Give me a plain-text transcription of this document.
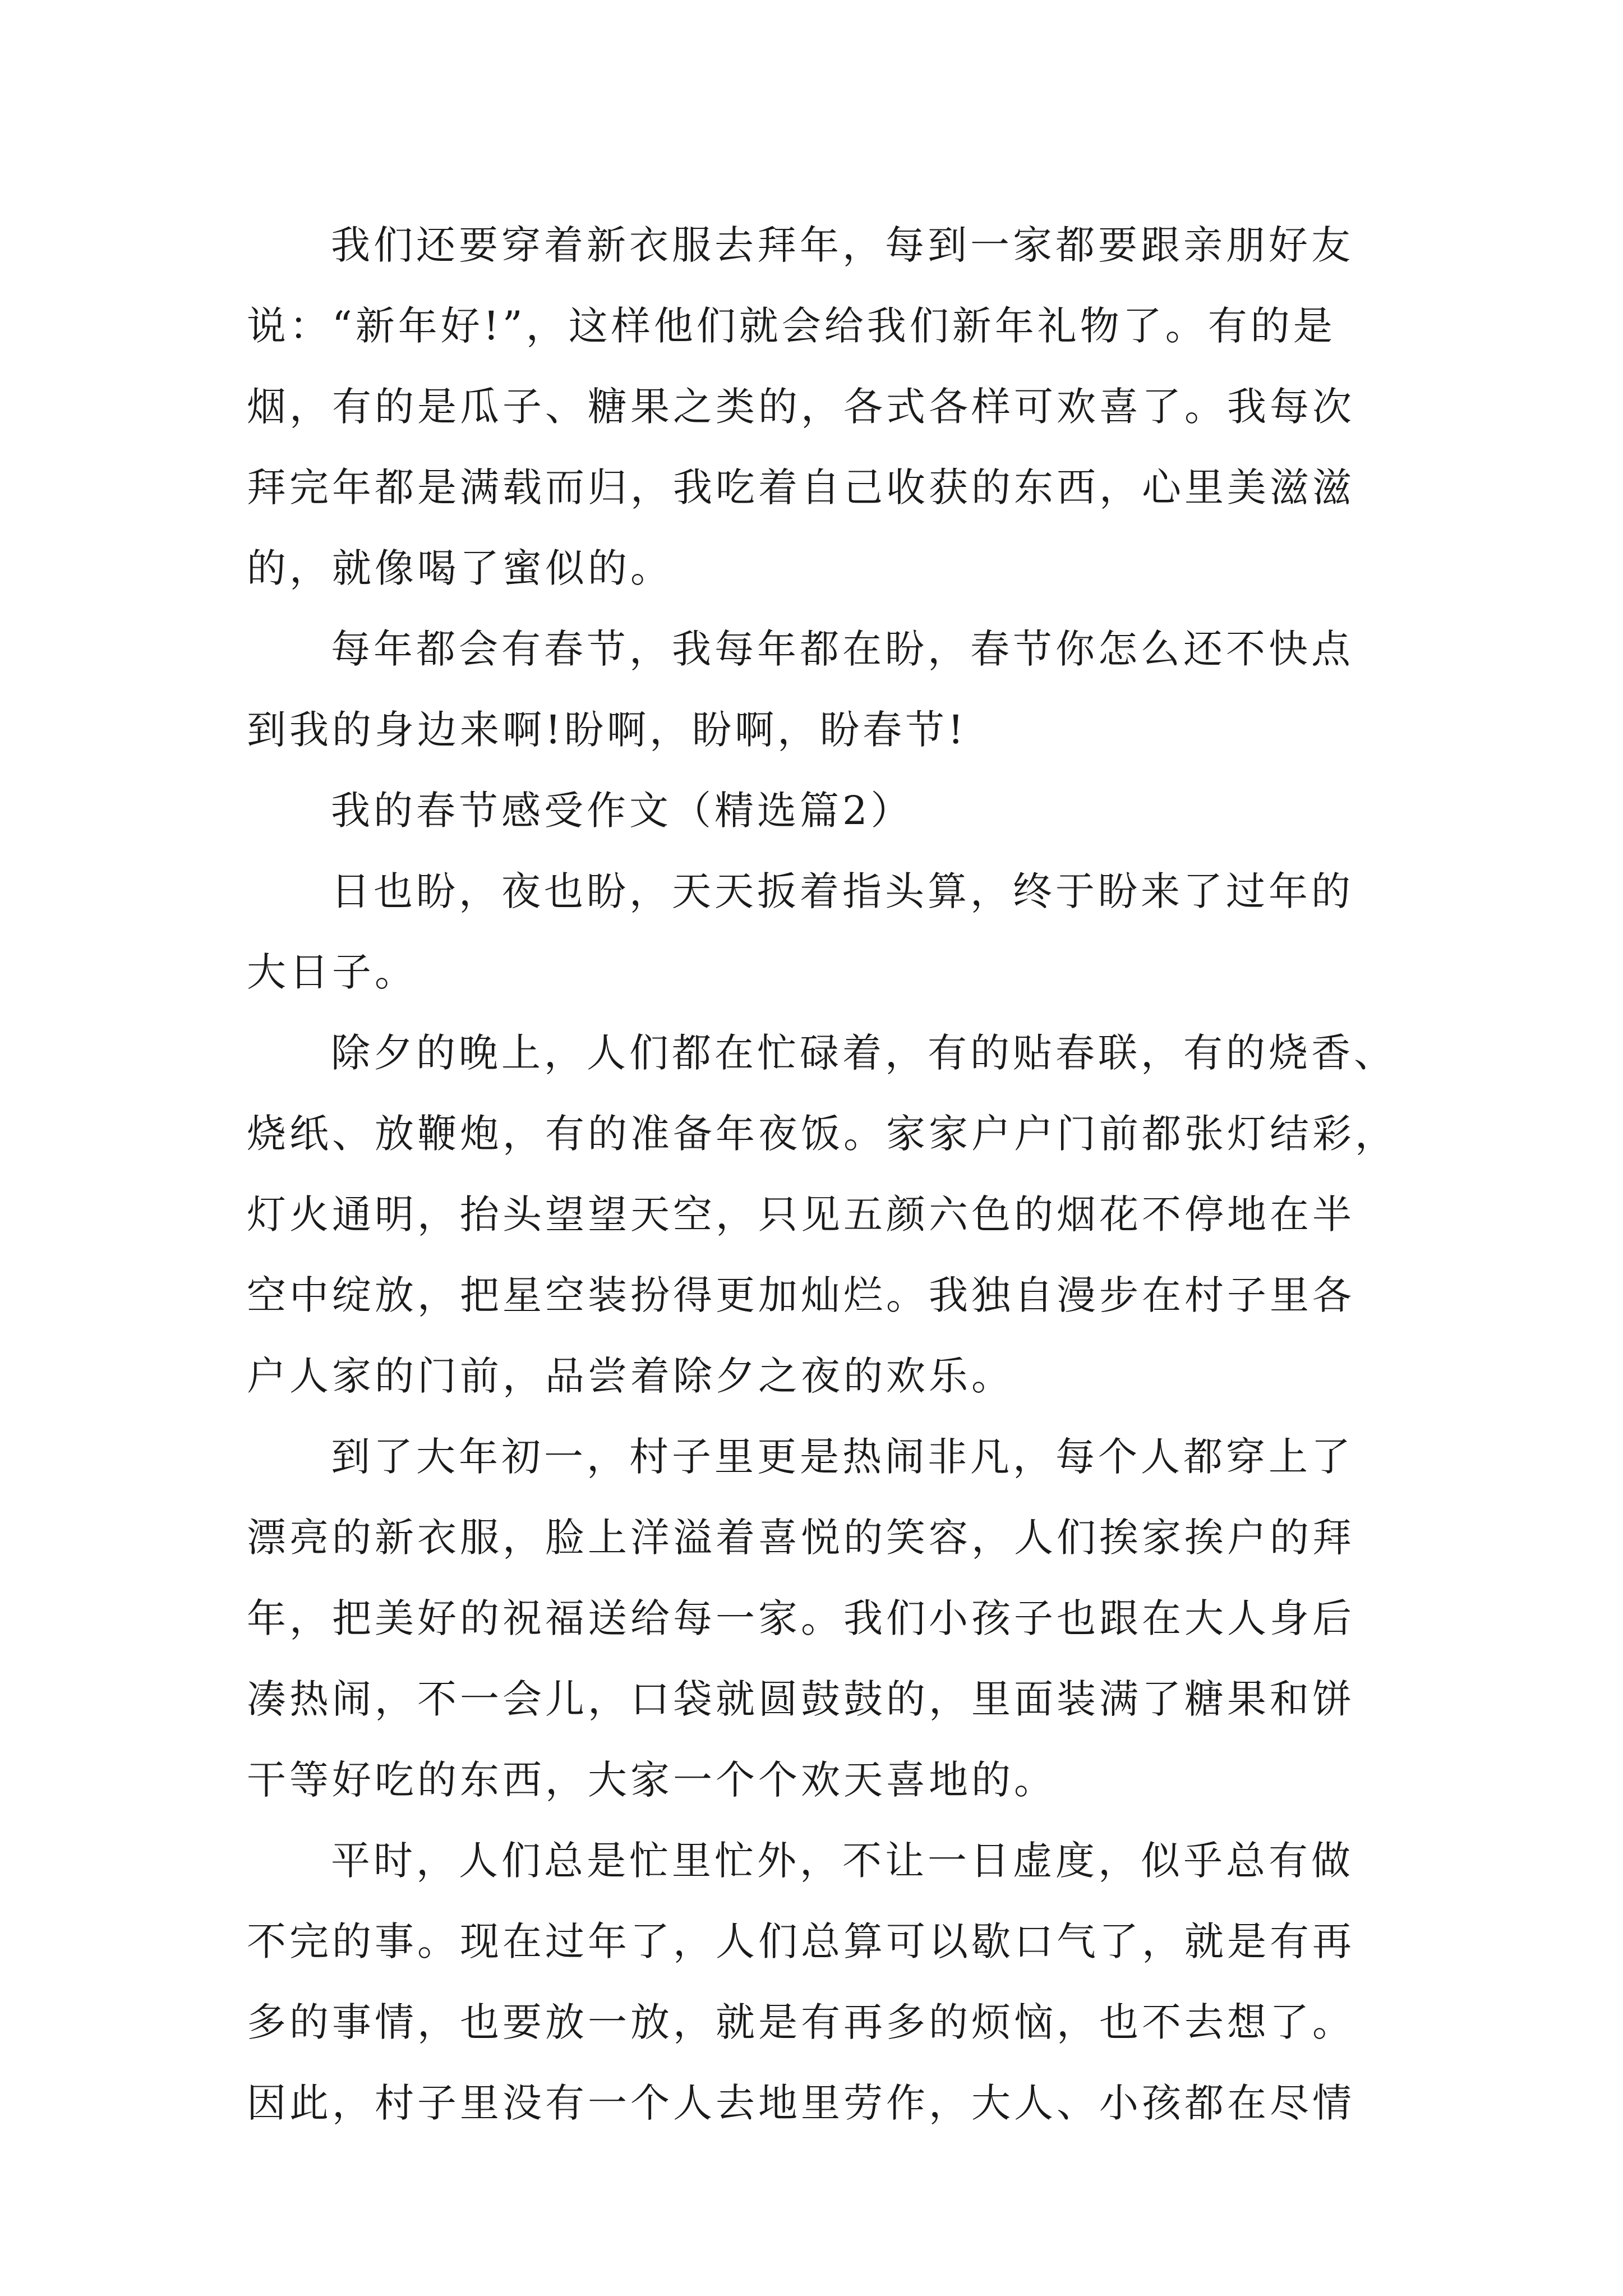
我们还要穿着新衣服去拜年，每到一家都要跟亲朋好友
说：“新年好!”，这样他们就会给我们新年礼物了。有的是
烟，有的是瓜子、糖果之类的，各式各样可欢喜了。我每次
拜完年都是满载而归，我吃着自己收获的东西，心里美滋滋
的，就像喝了蜜似的。
每年都会有春节，我每年都在盼，春节你怎么还不快点
到我的身边来啊!盼啊，盼啊，盼春节!
我的春节感受作文（精选篇2）
日也盼，夜也盼，天天扳着指头算，终于盼来了过年的
大日子。
除夕的晚上，人们都在忙碌着，有的贴春联，有的烧香、
烧纸、放鞭炮，有的准备年夜饭。家家户户门前都张灯结彩，
灯火通明，抬头望望天空，只见五颜六色的烟花不停地在半
空中绽放，把星空装扮得更加灿烂。我独自漫步在村子里各
户人家的门前，品尝着除夕之夜的欢乐。
到了大年初一，村子里更是热闹非凡，每个人都穿上了
漂亮的新衣服，脸上洋溢着喜悦的笑容，人们挨家挨户的拜
年，把美好的祝福送给每一家。我们小孩子也跟在大人身后
凑热闹，不一会儿，口袋就圆鼓鼓的，里面装满了糖果和饼
干等好吃的东西，大家一个个欢天喜地的。
平时，人们总是忙里忙外，不让一日虚度，似乎总有做
不完的事。现在过年了，人们总算可以歇口气了，就是有再
多的事情，也要放一放，就是有再多的烦恼，也不去想了。
因此，村子里没有一个人去地里劳作，大人、小孩都在尽情
